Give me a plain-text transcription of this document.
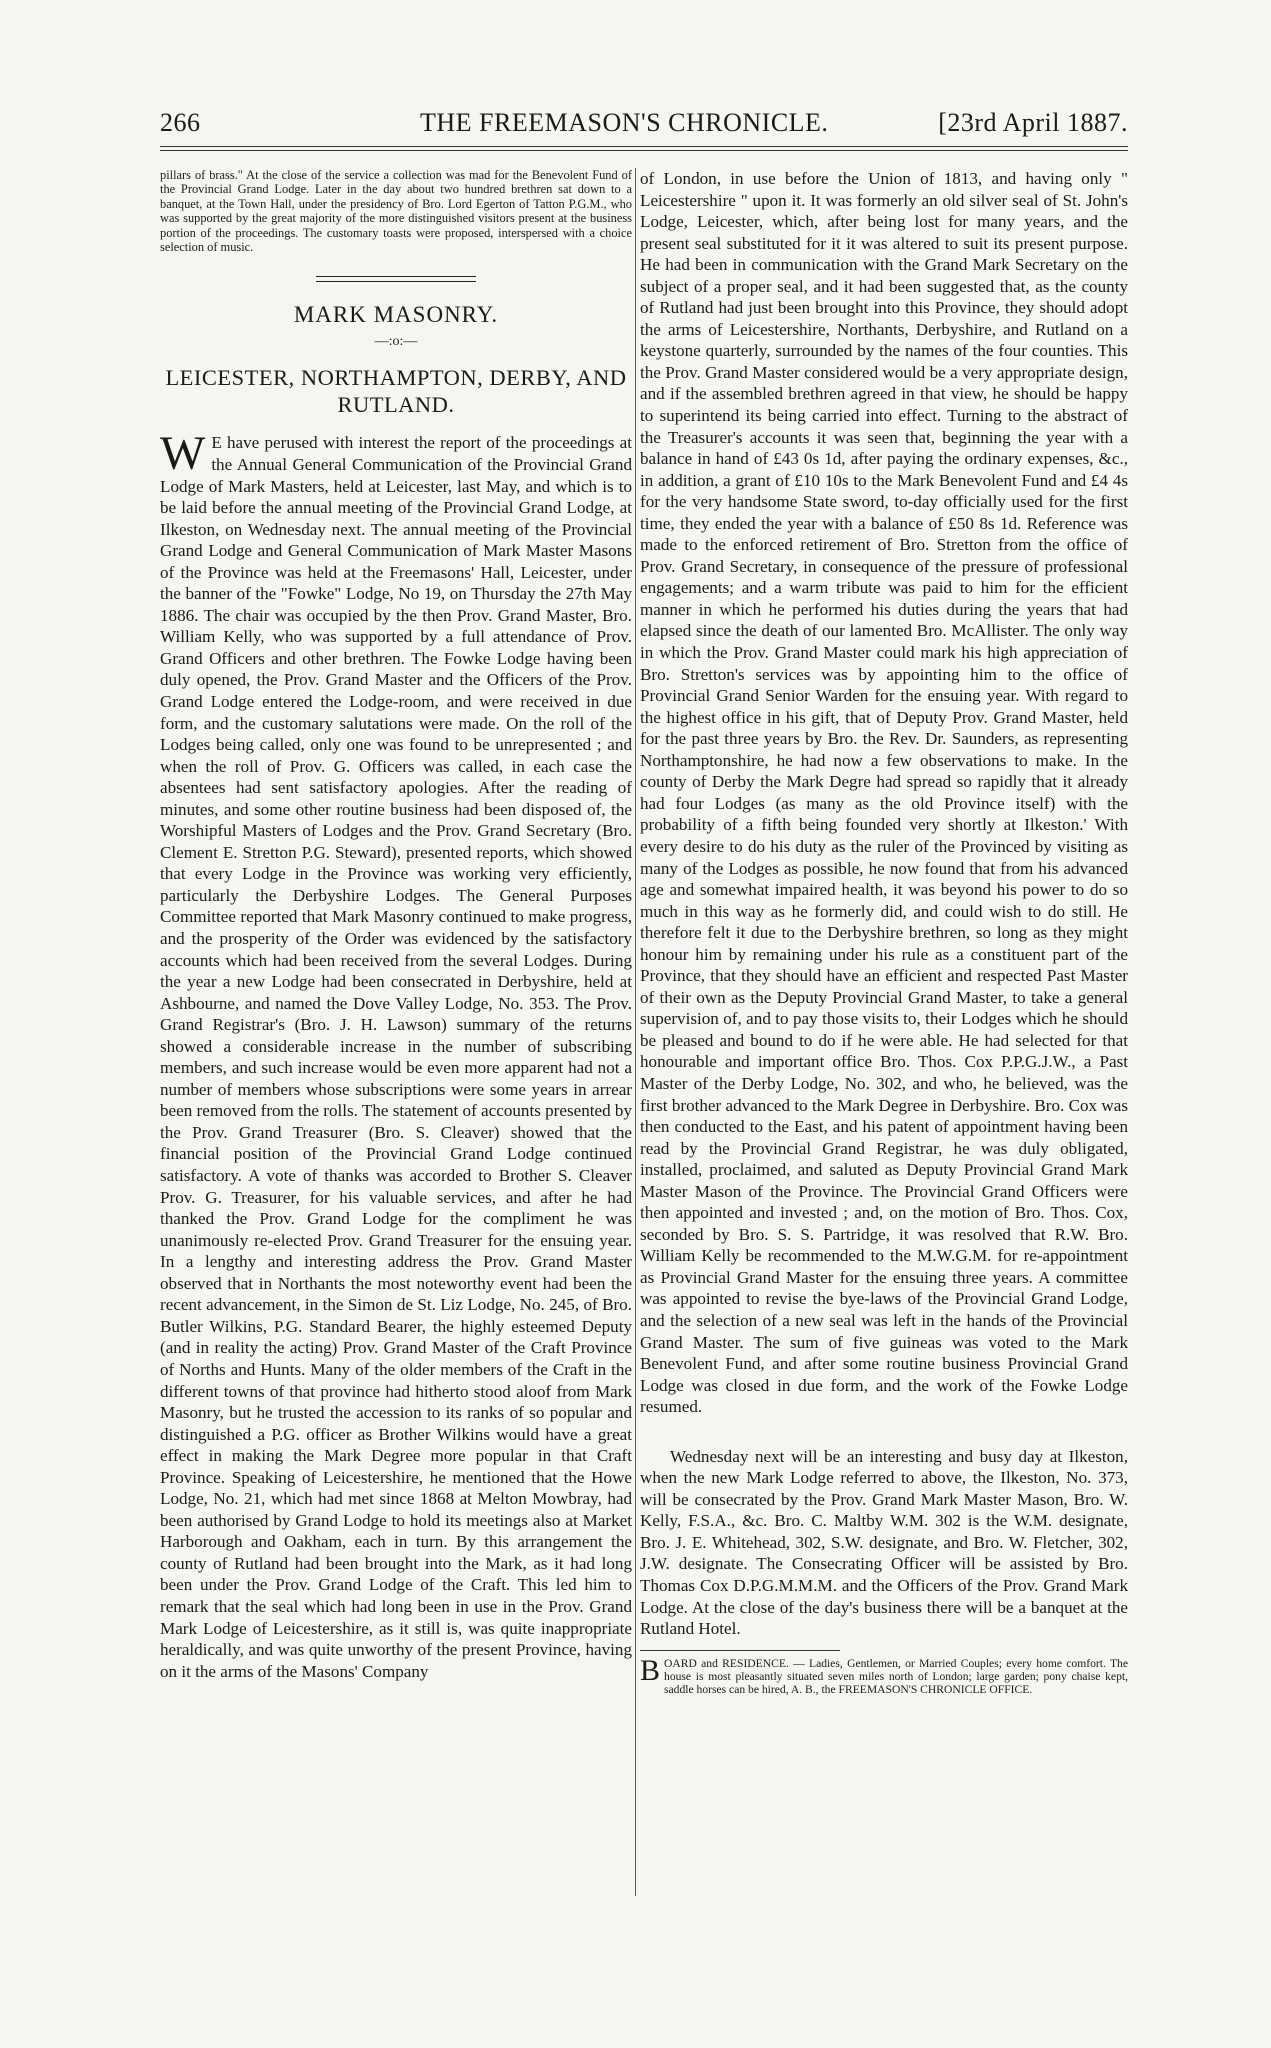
266	THE FREEMASON'S CHRONICLE.	[23rd April 1887.

pillars of brass." At the close of the service a collection was mad for the Benevolent Fund of the Provincial Grand Lodge. Later in the day about two hundred brethren sat down to a banquet, at the Town Hall, under the presidency of Bro. Lord Egerton of Tatton P.G.M., who was supported by the great majority of the more distinguished visitors present at the business portion of the proceedings. The customary toasts were proposed, interspersed with a choice selection of music.

MARK MASONRY.
—:o:—
LEICESTER, NORTHAMPTON, DERBY, AND RUTLAND.

W E have perused with interest the report of the proceedings at the Annual General Communication of the Provincial Grand Lodge of Mark Masters, held at Leicester, last May, and which is to be laid before the annual meeting of the Provincial Grand Lodge, at Ilkeston, on Wednesday next. The annual meeting of the Provincial Grand Lodge and General Communication of Mark Master Masons of the Province was held at the Freemasons' Hall, Leicester, under the banner of the "Fowke" Lodge, No 19, on Thursday the 27th May 1886. The chair was occupied by the then Prov. Grand Master, Bro. William Kelly, who was supported by a full attendance of Prov. Grand Officers and other brethren. The Fowke Lodge having been duly opened, the Prov. Grand Master and the Officers of the Prov. Grand Lodge entered the Lodge-room, and were received in due form, and the customary salutations were made. On the roll of the Lodges being called, only one was found to be unrepresented ; and when the roll of Prov. G. Officers was called, in each case the absentees had sent satisfactory apologies. After the reading of minutes, and some other routine business had been disposed of, the Worshipful Masters of Lodges and the Prov. Grand Secretary (Bro. Clement E. Stretton P.G. Steward), presented reports, which showed that every Lodge in the Province was working very efficiently, particularly the Derbyshire Lodges. The General Purposes Committee reported that Mark Masonry continued to make progress, and the prosperity of the Order was evidenced by the satisfactory accounts which had been received from the several Lodges. During the year a new Lodge had been consecrated in Derbyshire, held at Ashbourne, and named the Dove Valley Lodge, No. 353. The Prov. Grand Registrar's (Bro. J. H. Lawson) summary of the returns showed a considerable increase in the number of subscribing members, and such increase would be even more apparent had not a number of members whose subscriptions were some years in arrear been removed from the rolls. The statement of accounts presented by the Prov. Grand Treasurer (Bro. S. Cleaver) showed that the financial position of the Provincial Grand Lodge continued satisfactory. A vote of thanks was accorded to Brother S. Cleaver Prov. G. Treasurer, for his valuable services, and after he had thanked the Prov. Grand Lodge for the compliment he was unanimously re-elected Prov. Grand Treasurer for the ensuing year. In a lengthy and interesting address the Prov. Grand Master observed that in Northants the most noteworthy event had been the recent advancement, in the Simon de St. Liz Lodge, No. 245, of Bro. Butler Wilkins, P.G. Standard Bearer, the highly esteemed Deputy (and in reality the acting) Prov. Grand Master of the Craft Province of Norths and Hunts. Many of the older members of the Craft in the different towns of that province had hitherto stood aloof from Mark Masonry, but he trusted the accession to its ranks of so popular and distinguished a P.G. officer as Brother Wilkins would have a great effect in making the Mark Degree more popular in that Craft Province. Speaking of Leicestershire, he mentioned that the Howe Lodge, No. 21, which had met since 1868 at Melton Mowbray, had been authorised by Grand Lodge to hold its meetings also at Market Harborough and Oakham, each in turn. By this arrangement the county of Rutland had been brought into the Mark, as it had long been under the Prov. Grand Lodge of the Craft. This led him to remark that the seal which had long been in use in the Prov. Grand Mark Lodge of Leicestershire, as it still is, was quite inappropriate heraldically, and was quite unworthy of the present Province, having on it the arms of the Masons' Company

of London, in use before the Union of 1813, and having only " Leicestershire " upon it. It was formerly an old silver seal of St. John's Lodge, Leicester, which, after being lost for many years, and the present seal substituted for it it was altered to suit its present purpose. He had been in communication with the Grand Mark Secretary on the subject of a proper seal, and it had been suggested that, as the county of Rutland had just been brought into this Province, they should adopt the arms of Leicestershire, Northants, Derbyshire, and Rutland on a keystone quarterly, surrounded by the names of the four counties. This the Prov. Grand Master considered would be a very appropriate design, and if the assembled brethren agreed in that view, he should be happy to superintend its being carried into effect. Turning to the abstract of the Treasurer's accounts it was seen that, beginning the year with a balance in hand of £43 0s 1d, after paying the ordinary expenses, &c., in addition, a grant of £10 10s to the Mark Benevolent Fund and £4 4s for the very handsome State sword, to-day officially used for the first time, they ended the year with a balance of £50 8s 1d. Reference was made to the enforced retirement of Bro. Stretton from the office of Prov. Grand Secretary, in consequence of the pressure of professional engagements; and a warm tribute was paid to him for the efficient manner in which he performed his duties during the years that had elapsed since the death of our lamented Bro. McAllister. The only way in which the Prov. Grand Master could mark his high appreciation of Bro. Stretton's services was by appointing him to the office of Provincial Grand Senior Warden for the ensuing year. With regard to the highest office in his gift, that of Deputy Prov. Grand Master, held for the past three years by Bro. the Rev. Dr. Saunders, as representing Northamptonshire, he had now a few observations to make. In the county of Derby the Mark Degre had spread so rapidly that it already had four Lodges (as many as the old Province itself) with the probability of a fifth being founded very shortly at Ilkeston.' With every desire to do his duty as the ruler of the Provinced by visiting as many of the Lodges as possible, he now found that from his advanced age and somewhat impaired health, it was beyond his power to do so much in this way as he formerly did, and could wish to do still. He therefore felt it due to the Derbyshire brethren, so long as they might honour him by remaining under his rule as a constituent part of the Province, that they should have an efficient and respected Past Master of their own as the Deputy Provincial Grand Master, to take a general supervision of, and to pay those visits to, their Lodges which he should be pleased and bound to do if he were able. He had selected for that honourable and important office Bro. Thos. Cox P.P.G.J.W., a Past Master of the Derby Lodge, No. 302, and who, he believed, was the first brother advanced to the Mark Degree in Derbyshire. Bro. Cox was then conducted to the East, and his patent of appointment having been read by the Provincial Grand Registrar, he was duly obligated, installed, proclaimed, and saluted as Deputy Provincial Grand Mark Master Mason of the Province. The Provincial Grand Officers were then appointed and invested ; and, on the motion of Bro. Thos. Cox, seconded by Bro. S. S. Partridge, it was resolved that R.W. Bro. William Kelly be recommended to the M.W.G.M. for re-appointment as Provincial Grand Master for the ensuing three years. A committee was appointed to revise the bye-laws of the Provincial Grand Lodge, and the selection of a new seal was left in the hands of the Provincial Grand Master. The sum of five guineas was voted to the Mark Benevolent Fund, and after some routine business Provincial Grand Lodge was closed in due form, and the work of the Fowke Lodge resumed.

Wednesday next will be an interesting and busy day at Ilkeston, when the new Mark Lodge referred to above, the Ilkeston, No. 373, will be consecrated by the Prov. Grand Mark Master Mason, Bro. W. Kelly, F.S.A., &c. Bro. C. Maltby W.M. 302 is the W.M. designate, Bro. J. E. Whitehead, 302, S.W. designate, and Bro. W. Fletcher, 302, J.W. designate. The Consecrating Officer will be assisted by Bro. Thomas Cox D.P.G.M.M.M. and the Officers of the Prov. Grand Mark Lodge. At the close of the day's business there will be a banquet at the Rutland Hotel.

BOARD and RESIDENCE. — Ladies, Gentlemen, or Married Couples; every home comfort. The house is most pleasantly situated seven miles north of London; large garden; pony chaise kept, saddle horses can be hired, A. B., the FREEMASON'S CHRONICLE OFFICE.
